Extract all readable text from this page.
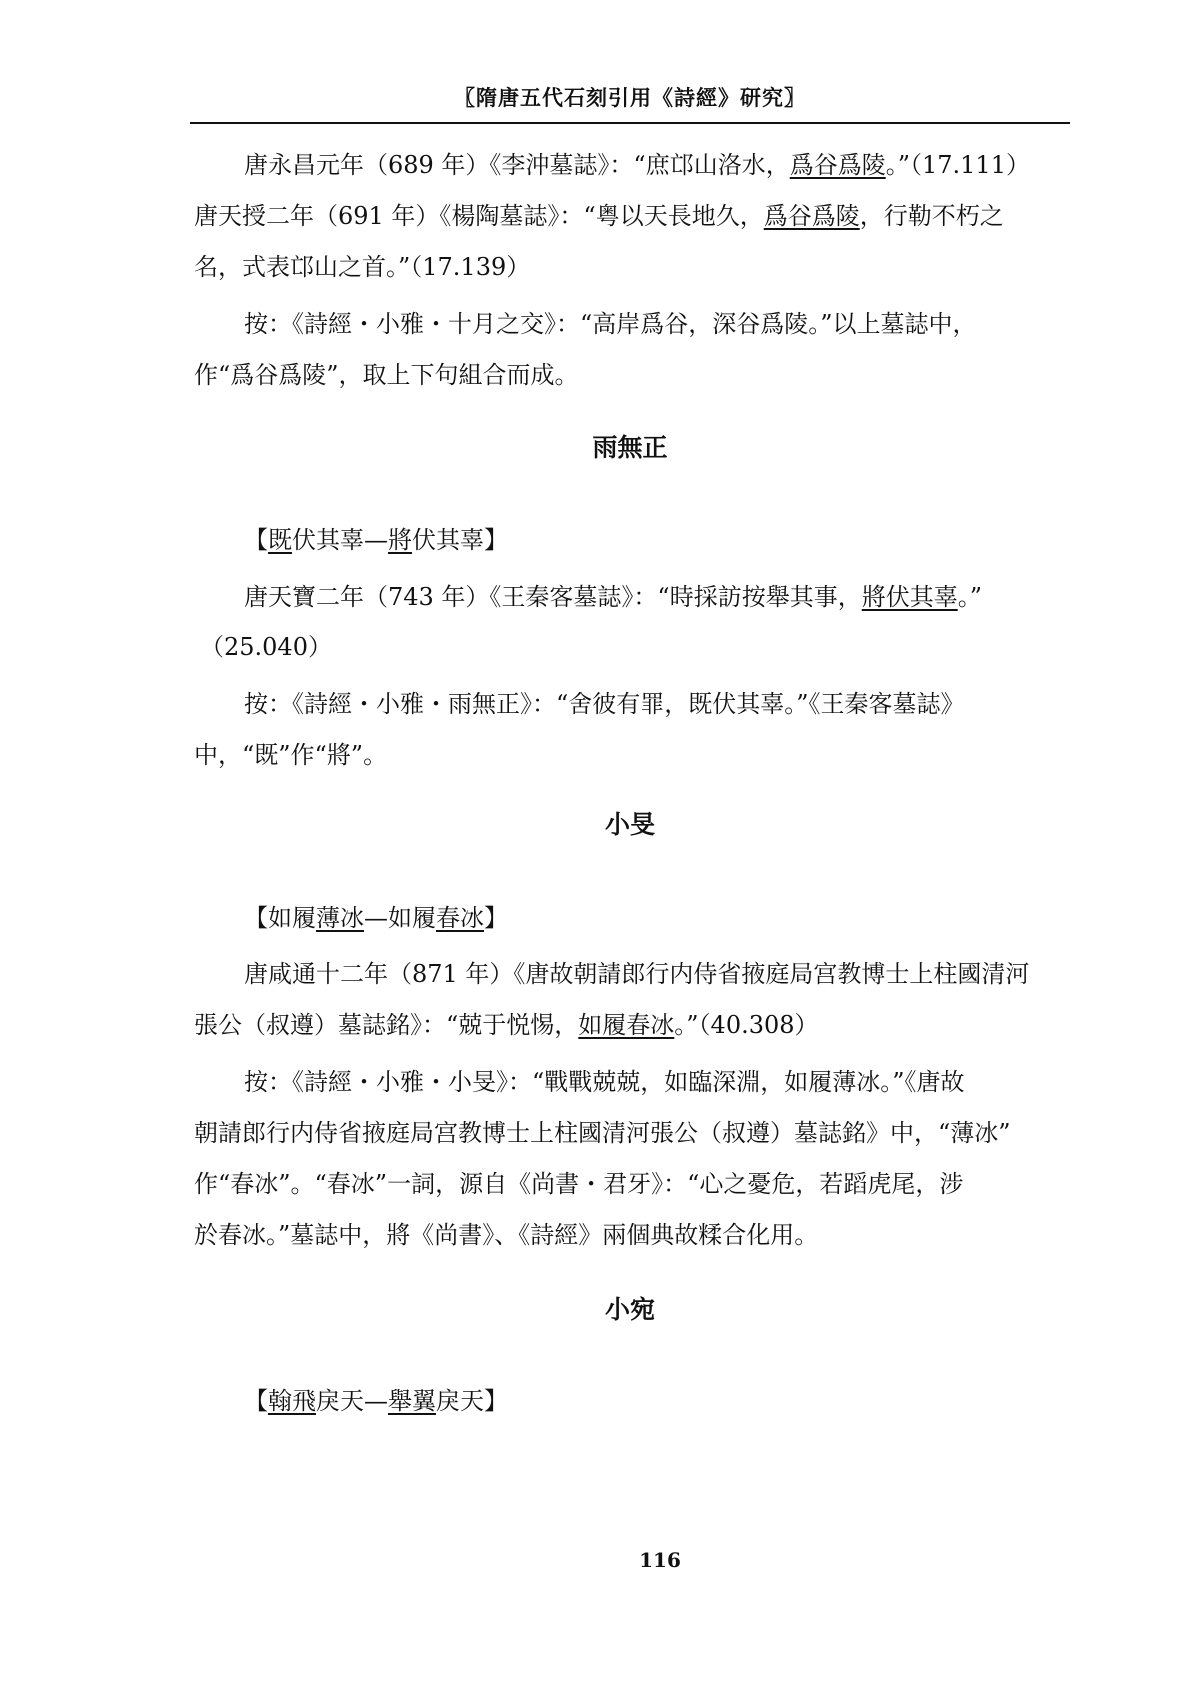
〖隋唐五代石刻引用《詩經》研究〗
唐永昌元年（689 年）《李沖墓誌》：“庶邙山洛水，爲谷爲陵。”（17.111）
唐天授二年（691 年）《楊陶墓誌》：“粤以天長地久，爲谷爲陵，行勒不朽之
名，式表邙山之首。”（17.139）
按：《詩經・小雅・十月之交》：“高岸爲谷，深谷爲陵。”以上墓誌中，
作“爲谷爲陵”，取上下句組合而成。
雨無正
【既伏其辜—將伏其辜】
唐天寶二年（743 年）《王秦客墓誌》：“時採訪按舉其事，將伏其辜。”
（25.040）
按：《詩經・小雅・雨無正》：“舍彼有罪，既伏其辜。”《王秦客墓誌》
中，“既”作“將”。
小旻
【如履薄冰—如履春冰】
唐咸通十二年（871 年）《唐故朝請郎行内侍省掖庭局宫教博士上柱國清河
張公（叔遵）墓誌銘》：“兢于悦惕，如履春冰。”（40.308）
按：《詩經・小雅・小旻》：“戰戰兢兢，如臨深淵，如履薄冰。”《唐故
朝請郎行内侍省掖庭局宫教博士上柱國清河張公（叔遵）墓誌銘》中，“薄冰”
作“春冰”。“春冰”一詞，源自《尚書・君牙》：“心之憂危，若蹈虎尾，涉
於春冰。”墓誌中，將《尚書》、《詩經》兩個典故糅合化用。
小宛
【翰飛戾天—舉翼戾天】
116
